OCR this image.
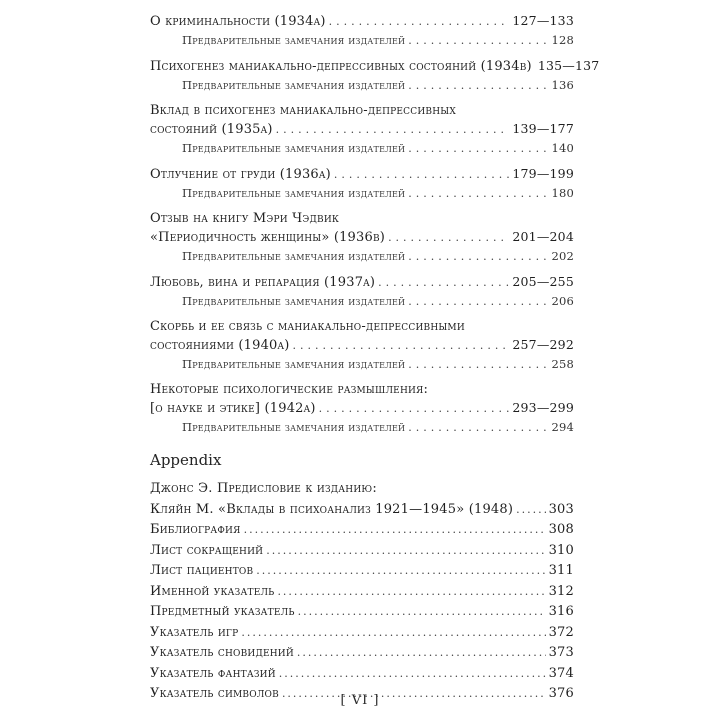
О криминальности (1934a) .....	127—133
Предварительные замечания издателей .....	128
Психогенез маниакально-депрессивных состояний (1934b) 135—137
Предварительные замечания издателей .....	136
Вклад в психогенез маниакально-депрессивных
состояний (1935a) .....	139—177
Предварительные замечания издателей .....	140
Отлучение от груди (1936a) .....	179—199
Предварительные замечания издателей .....	180
Отзыв на книгу Мэри Чэдвик
«Периодичность женщины» (1936b) .....	201—204
Предварительные замечания издателей .....	202
Любовь, вина и репарация (1937a) .....	205—255
Предварительные замечания издателей .....	206
Скорбь и ее связь с маниакально-депрессивными
состояниями (1940a) .....	257—292
Предварительные замечания издателей .....	258
Некоторые психологические размышления:
[о науке и этике] (1942a) .....	293—299
Предварительные замечания издателей .....	294
Appendix
Джонс Э. Предисловие к изданию:
Кляйн М. «Вклады в психоанализ 1921—1945» (1948) .....	303
Библиография .....	308
Лист сокращений .....	310
Лист пациентов .....	311
Именной указатель .....	312
Предметный указатель .....	316
Указатель игр .....	372
Указатель сновидений .....	373
Указатель фантазий .....	374
Указатель символов .....	376
[ VI ]
